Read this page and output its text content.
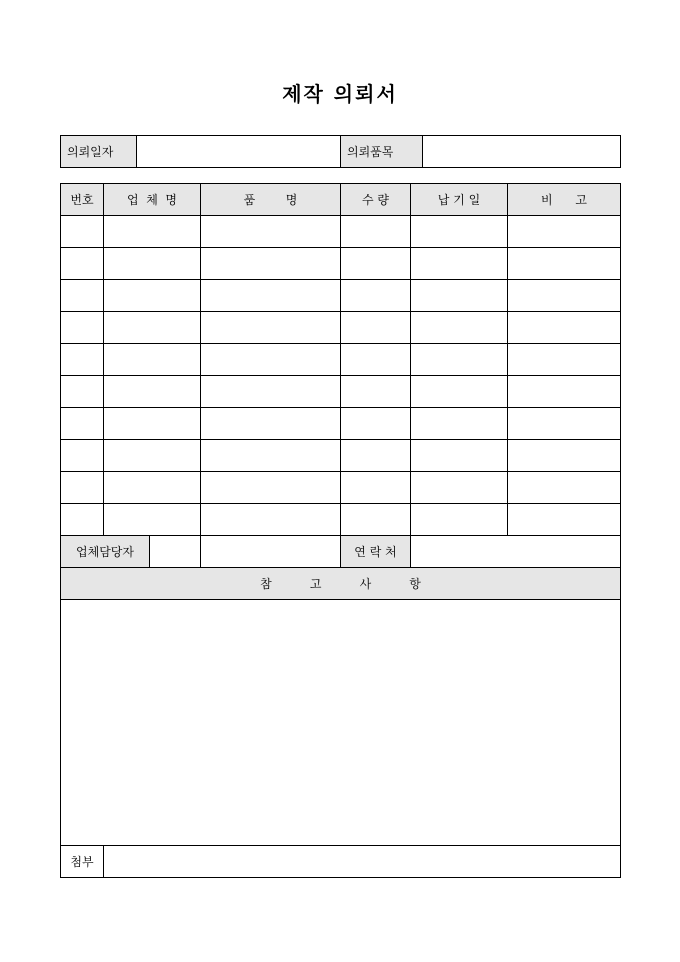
제작 의뢰서
의뢰일자		의뢰품목	
번호	업  체  명	품        명	수 량	납 기 일	비      고

업체담당자			연 락 처		
참          고          사          항					

첨부					
